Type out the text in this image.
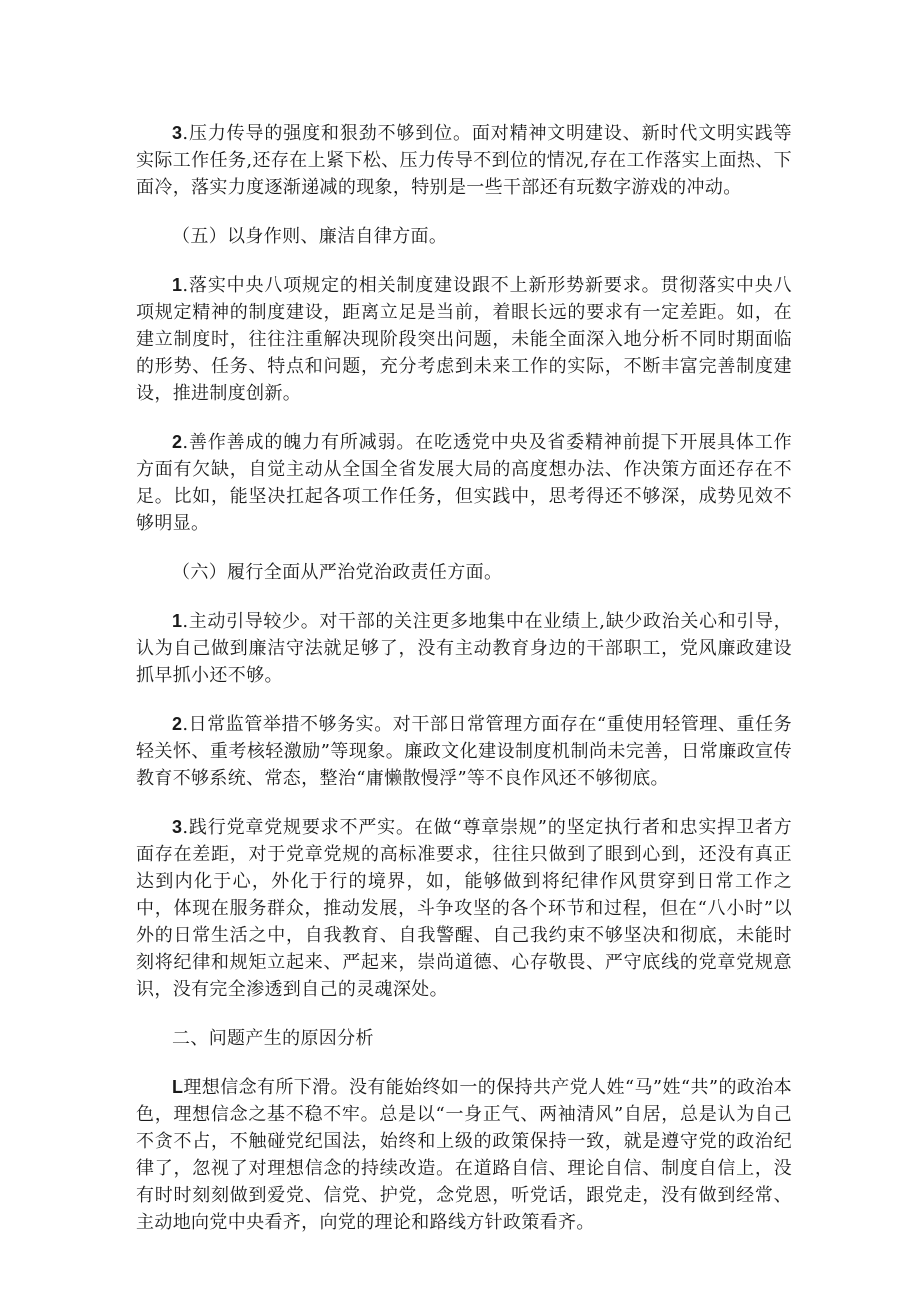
3.压力传导的强度和狠劲不够到位。面对精神文明建设、新时代文明实践等实际工作任务,还存在上紧下松、压力传导不到位的情况,存在工作落实上面热、下面冷，落实力度逐渐递减的现象，特别是一些干部还有玩数字游戏的冲动。

（五）以身作则、廉洁自律方面。

1.落实中央八项规定的相关制度建设跟不上新形势新要求。贯彻落实中央八项规定精神的制度建设，距离立足是当前，着眼长远的要求有一定差距。如，在建立制度时，往往注重解决现阶段突出问题，未能全面深入地分析不同时期面临的形势、任务、特点和问题，充分考虑到未来工作的实际，不断丰富完善制度建设，推进制度创新。

2.善作善成的魄力有所减弱。在吃透党中央及省委精神前提下开展具体工作方面有欠缺，自觉主动从全国全省发展大局的高度想办法、作决策方面还存在不足。比如，能坚决扛起各项工作任务，但实践中，思考得还不够深，成势见效不够明显。

（六）履行全面从严治党治政责任方面。

1.主动引导较少。对干部的关注更多地集中在业绩上,缺少政治关心和引导，认为自己做到廉洁守法就足够了，没有主动教育身边的干部职工，党风廉政建设抓早抓小还不够。

2.日常监管举措不够务实。对干部日常管理方面存在“重使用轻管理、重任务轻关怀、重考核轻激励”等现象。廉政文化建设制度机制尚未完善，日常廉政宣传教育不够系统、常态，整治“庸懒散慢浮”等不良作风还不够彻底。

3.践行党章党规要求不严实。在做“尊章崇规”的坚定执行者和忠实捍卫者方面存在差距，对于党章党规的高标准要求，往往只做到了眼到心到，还没有真正达到内化于心，外化于行的境界，如，能够做到将纪律作风贯穿到日常工作之中，体现在服务群众，推动发展，斗争攻坚的各个环节和过程，但在“八小时”以外的日常生活之中，自我教育、自我警醒、自己我约束不够坚决和彻底，未能时刻将纪律和规矩立起来、严起来，崇尚道德、心存敬畏、严守底线的党章党规意识，没有完全渗透到自己的灵魂深处。

二、问题产生的原因分析

L理想信念有所下滑。没有能始终如一的保持共产党人姓“马”姓“共”的政治本色，理想信念之基不稳不牢。总是以“一身正气、两袖清风”自居，总是认为自己不贪不占，不触碰党纪国法，始终和上级的政策保持一致，就是遵守党的政治纪律了，忽视了对理想信念的持续改造。在道路自信、理论自信、制度自信上，没有时时刻刻做到爱党、信党、护党，念党恩，听党话，跟党走，没有做到经常、主动地向党中央看齐，向党的理论和路线方针政策看齐。
